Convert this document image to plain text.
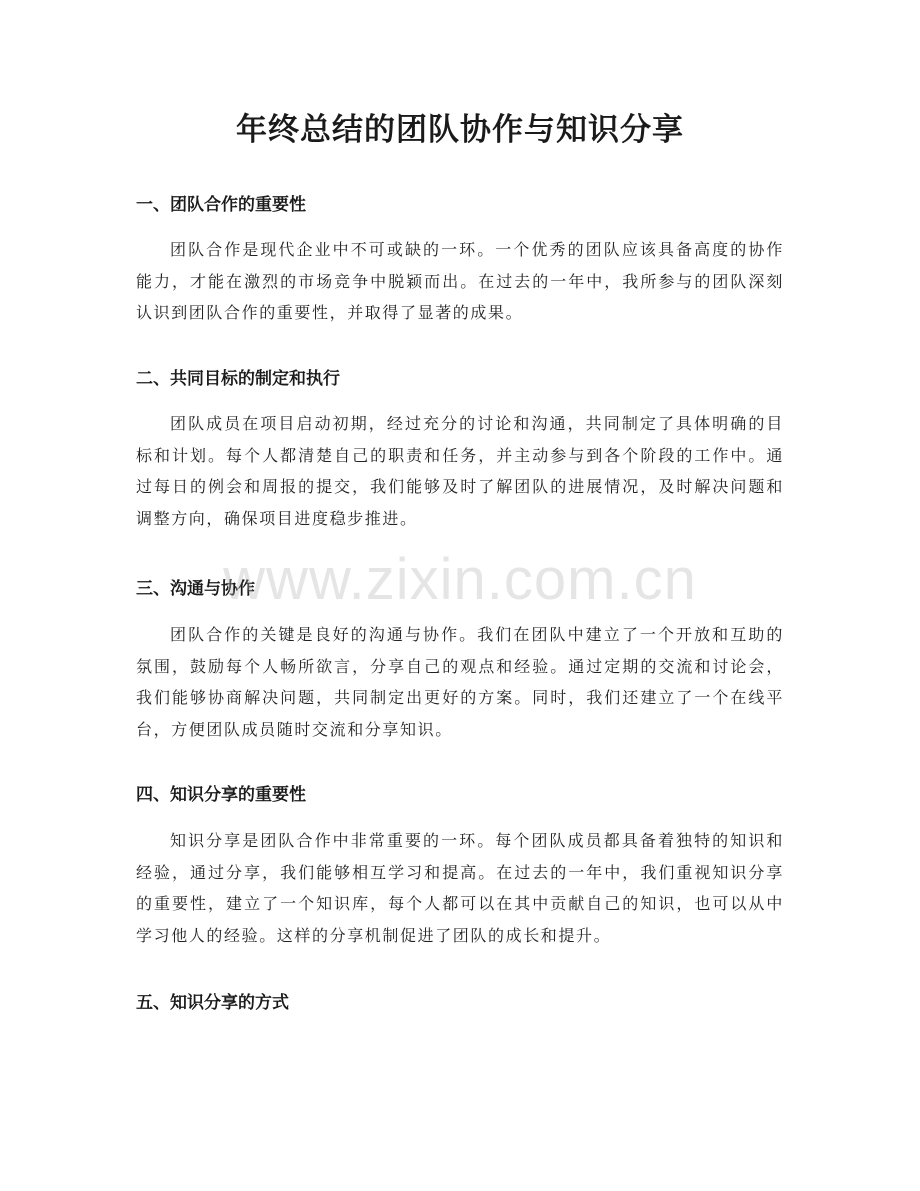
年终总结的团队协作与知识分享
一、团队合作的重要性

团队合作是现代企业中不可或缺的一环。一个优秀的团队应该具备高度的协作能力，才能在激烈的市场竞争中脱颖而出。在过去的一年中，我所参与的团队深刻认识到团队合作的重要性，并取得了显著的成果。

二、共同目标的制定和执行

团队成员在项目启动初期，经过充分的讨论和沟通，共同制定了具体明确的目标和计划。每个人都清楚自己的职责和任务，并主动参与到各个阶段的工作中。通过每日的例会和周报的提交，我们能够及时了解团队的进展情况，及时解决问题和调整方向，确保项目进度稳步推进。

三、沟通与协作

团队合作的关键是良好的沟通与协作。我们在团队中建立了一个开放和互助的氛围，鼓励每个人畅所欲言，分享自己的观点和经验。通过定期的交流和讨论会，我们能够协商解决问题，共同制定出更好的方案。同时，我们还建立了一个在线平台，方便团队成员随时交流和分享知识。

四、知识分享的重要性

知识分享是团队合作中非常重要的一环。每个团队成员都具备着独特的知识和经验，通过分享，我们能够相互学习和提高。在过去的一年中，我们重视知识分享的重要性，建立了一个知识库，每个人都可以在其中贡献自己的知识，也可以从中学习他人的经验。这样的分享机制促进了团队的成长和提升。

五、知识分享的方式
www.zixin.com.cn
